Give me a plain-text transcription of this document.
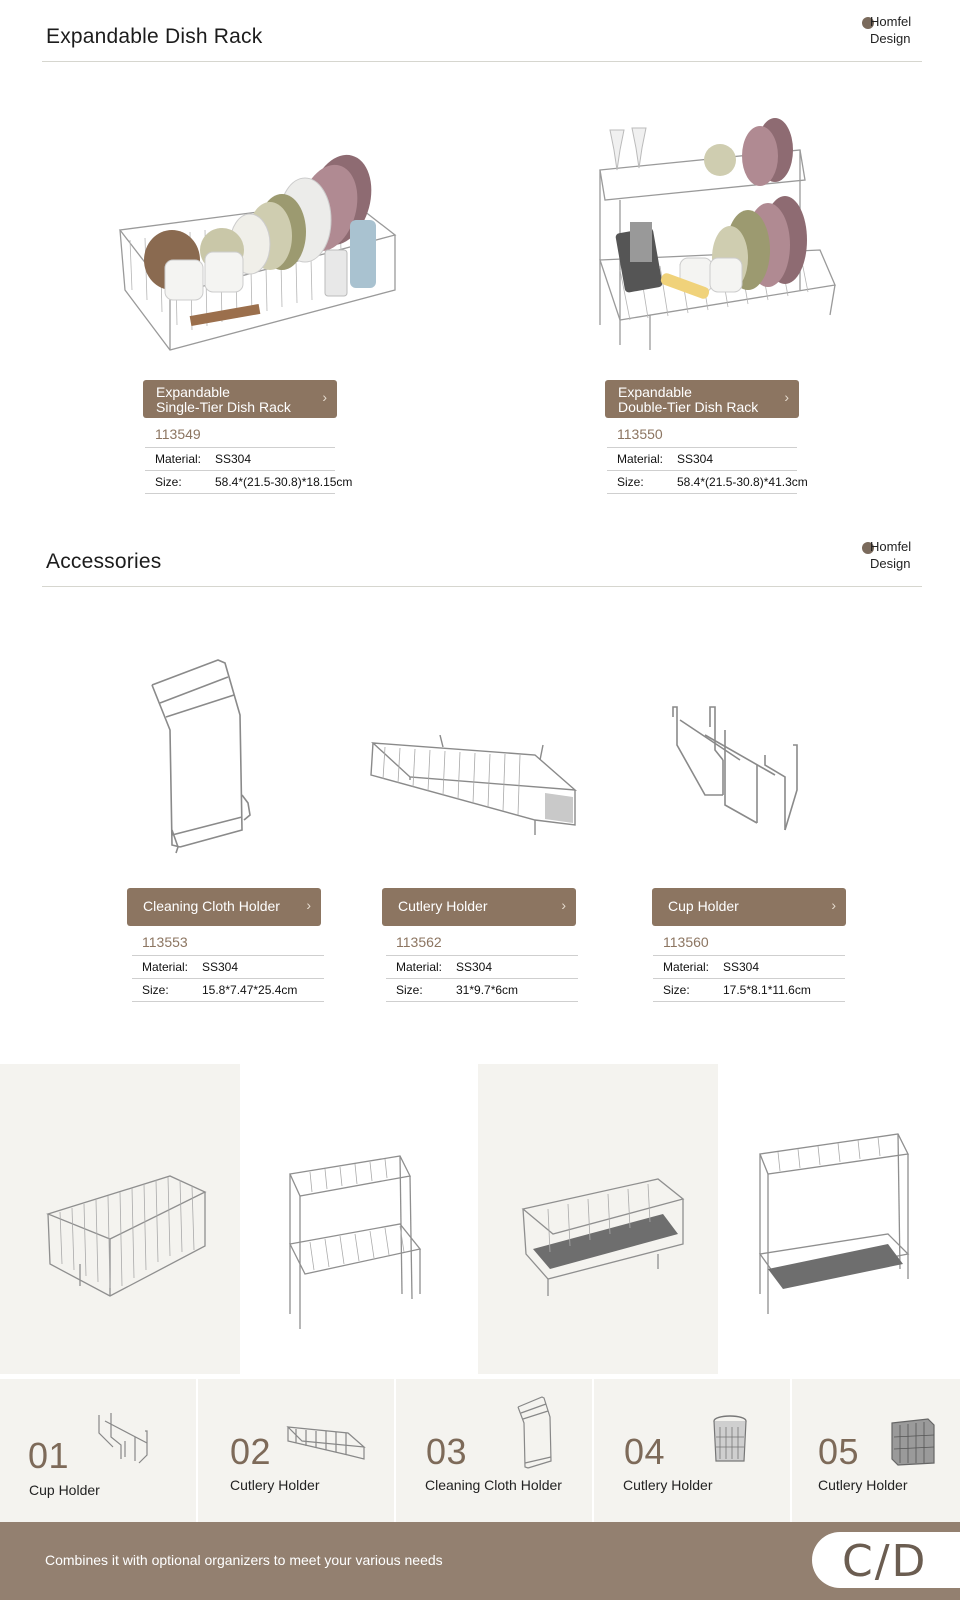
Expandable Dish Rack
Homfel
Design
Expandable
Single-Tier Dish Rack
›
113549
Material: SS304
Size:	58.4*(21.5-30.8)*18.15cm
Expandable
Double-Tier Dish Rack
›
113550
Material: SS304
Size:	58.4*(21.5-30.8)*41.3cm
Accessories
Homfel
Design
Cleaning Cloth Holder ›
113553
Material: SS304
Size:	15.8*7.47*25.4cm
Cutlery Holder	›
113562
Material: SS304
Size:	31*9.7*6cm
Cup Holder	›
113560
Material: SS304
Size:	17.5*8.1*11.6cm
01
Cup Holder
02
Cutlery Holder
03
Cleaning Cloth Holder
04
Cutlery Holder
05
Cutlery Holder
Combines it with optional organizers to meet your various needs	C/D
